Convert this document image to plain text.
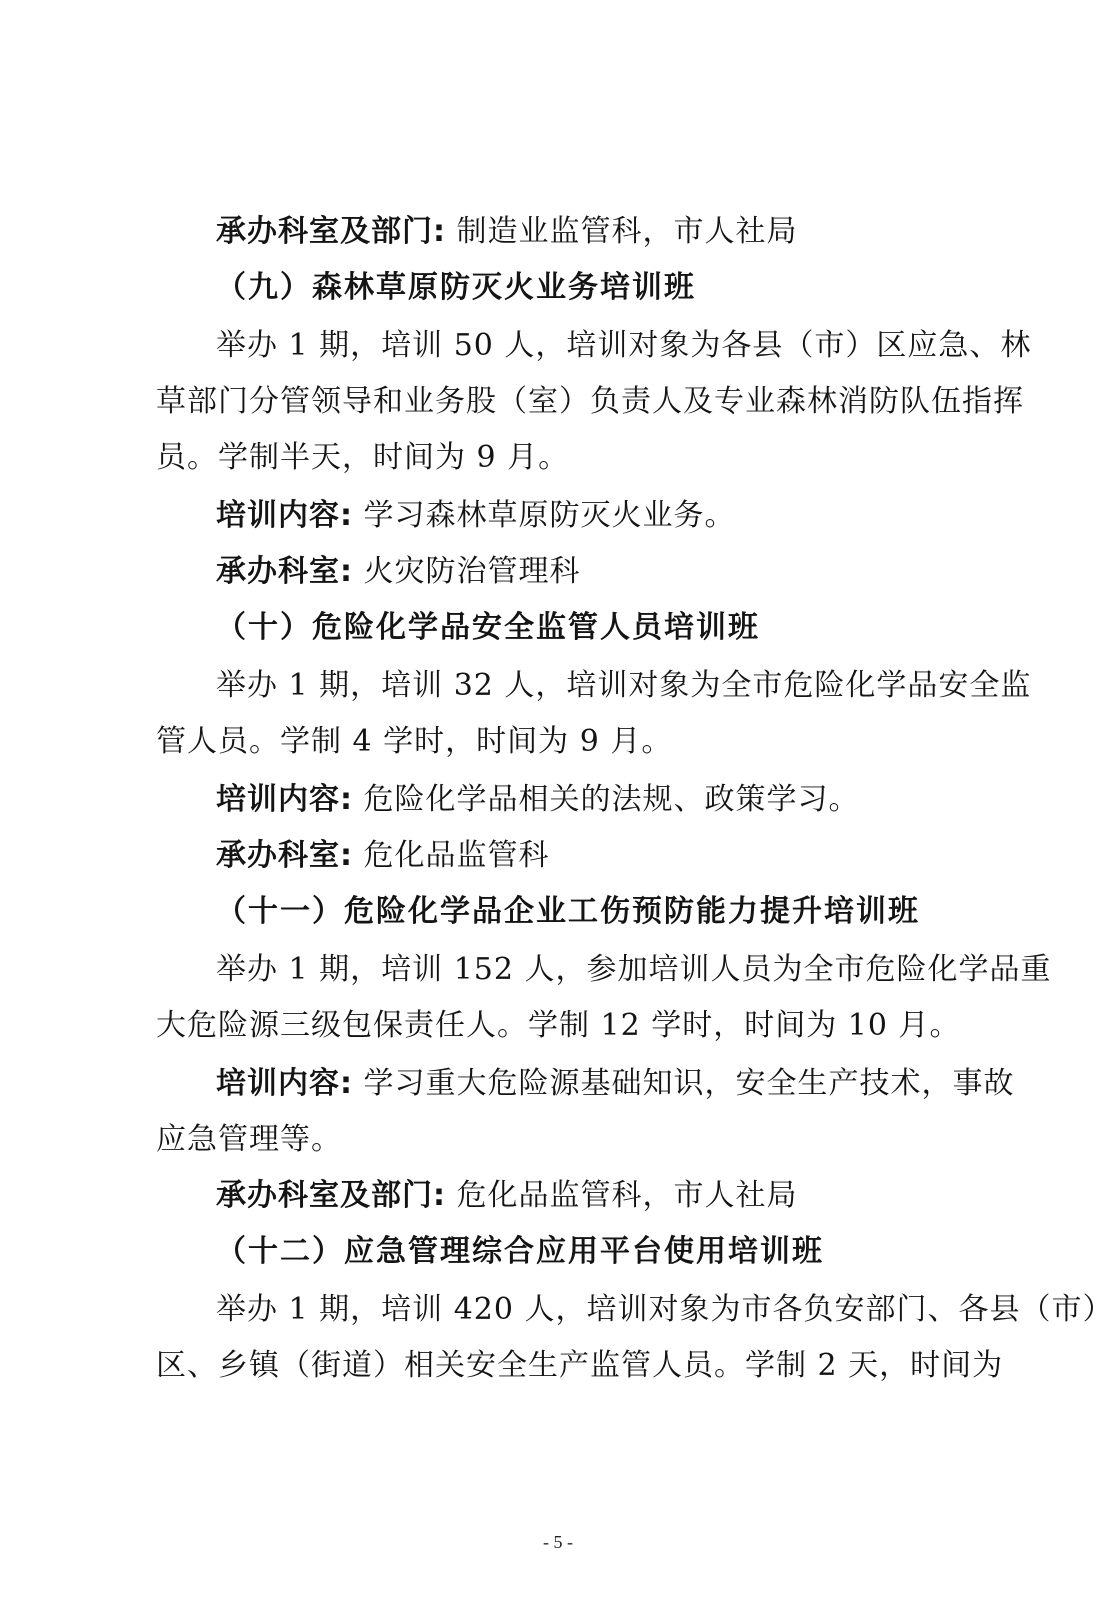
承办科室及部门: 制造业监管科，市人社局
（九）森林草原防灭火业务培训班
举办 1 期，培训 50 人，培训对象为各县（市）区应急、林
草部门分管领导和业务股（室）负责人及专业森林消防队伍指挥
员。学制半天，时间为 9 月。
培训内容: 学习森林草原防灭火业务。
承办科室: 火灾防治管理科
（十）危险化学品安全监管人员培训班
举办 1 期，培训 32 人，培训对象为全市危险化学品安全监
管人员。学制 4 学时，时间为 9 月。
培训内容: 危险化学品相关的法规、政策学习。
承办科室: 危化品监管科
（十一）危险化学品企业工伤预防能力提升培训班
举办 1 期，培训 152 人，参加培训人员为全市危险化学品重
大危险源三级包保责任人。学制 12 学时，时间为 10 月。
培训内容: 学习重大危险源基础知识，安全生产技术，事故
应急管理等。
承办科室及部门: 危化品监管科，市人社局
（十二）应急管理综合应用平台使用培训班
举办 1 期，培训 420 人，培训对象为市各负安部门、各县（市）
区、乡镇（街道）相关安全生产监管人员。学制 2 天，时间为
- 5 -
